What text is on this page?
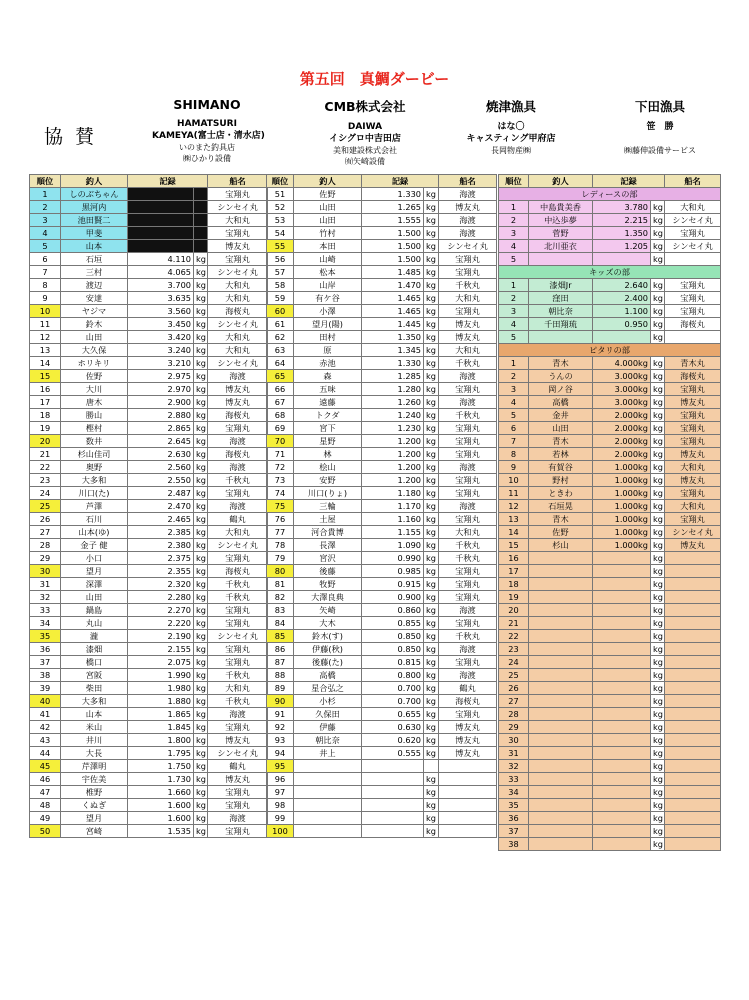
第五回　真鯛ダービー
協 賛
SHIMANO
HAMATSURI
KAMEYA(富士店・清水店)
いのまた釣具店
㈱ひかり設備
CMB株式会社
DAIWA
イシグロ中吉田店
美和建設株式会社
㈲矢崎設備
焼津漁具
はな〇
キャスティング甲府店
長岡物産㈱
下田漁具
笹　勝
㈱藤伸設備サービス
順位	釣人	記録		船名
1	しのぶちゃん			宝翔丸
2	黒河内			シンセイ丸
3	池田賢二			大和丸
4	甲斐			宝翔丸
5	山本			博友丸
6	石垣	4.110	kg	宝翔丸
7	三村	4.065	kg	シンセイ丸
8	渡辺	3.700	kg	大和丸
9	安達	3.635	kg	大和丸
10	ヤジマ	3.560	kg	海桜丸
11	鈴木	3.450	kg	シンセイ丸
12	山田	3.420	kg	大和丸
13	大久保	3.240	kg	大和丸
14	ホリキリ	3.210	kg	シンセイ丸
15	佐野	2.975	kg	海渡
16	大川	2.970	kg	博友丸
17	唐木	2.900	kg	博友丸
18	勝山	2.880	kg	海桜丸
19	樫村	2.865	kg	宝翔丸
20	数井	2.645	kg	海渡
21	杉山佳司	2.630	kg	海桜丸
22	奥野	2.560	kg	海渡
23	大多和	2.550	kg	千秋丸
24	川口(た)	2.487	kg	宝翔丸
25	芦澤	2.470	kg	海渡
26	石川	2.465	kg	鶴丸
27	山本(ゆ)	2.385	kg	大和丸
28	金子 健	2.380	kg	シンセイ丸
29	小口	2.375	kg	宝翔丸
30	望月	2.355	kg	海桜丸
31	深澤	2.320	kg	千秋丸
32	山田	2.280	kg	千秋丸
33	鍋島	2.270	kg	宝翔丸
34	丸山	2.220	kg	宝翔丸
35	瀧	2.190	kg	シンセイ丸
36	漆畑	2.155	kg	宝翔丸
37	橋口	2.075	kg	宝翔丸
38	宮阪	1.990	kg	千秋丸
39	柴田	1.980	kg	大和丸
40	大多和	1.880	kg	千秋丸
41	山本	1.865	kg	海渡
42	米山	1.845	kg	宝翔丸
43	井川	1.800	kg	博友丸
44	大長	1.795	kg	シンセイ丸
45	芹澤明	1.750	kg	鶴丸
46	宇佐美	1.730	kg	博友丸
47	椎野	1.660	kg	宝翔丸
48	くぬぎ	1.600	kg	宝翔丸
49	望月	1.600	kg	海渡
50	宮崎	1.535	kg	宝翔丸
順位	釣人	記録		船名
51	佐野	1.330	kg	海渡
52	山田	1.265	kg	博友丸
53	山田	1.555	kg	海渡
54	竹村	1.500	kg	海渡
55	本田	1.500	kg	シンセイ丸
56	山崎	1.500	kg	宝翔丸
57	松本	1.485	kg	宝翔丸
58	山岸	1.470	kg	千秋丸
59	有ケ谷	1.465	kg	大和丸
60	小澤	1.465	kg	宝翔丸
61	望月(陽)	1.445	kg	博友丸
62	田村	1.350	kg	博友丸
63	原	1.345	kg	大和丸
64	赤池	1.330	kg	千秋丸
65	森	1.285	kg	海渡
66	五味	1.280	kg	宝翔丸
67	遠藤	1.260	kg	海渡
68	トクダ	1.240	kg	千秋丸
69	宮下	1.230	kg	宝翔丸
70	星野	1.200	kg	宝翔丸
71	林	1.200	kg	宝翔丸
72	桧山	1.200	kg	海渡
73	安野	1.200	kg	宝翔丸
74	川口(りょ)	1.180	kg	宝翔丸
75	三輪	1.170	kg	海渡
76	土屋	1.160	kg	宝翔丸
77	河合貴博	1.155	kg	大和丸
78	長澤	1.090	kg	千秋丸
79	宮沢	0.990	kg	千秋丸
80	後藤	0.985	kg	宝翔丸
81	牧野	0.915	kg	宝翔丸
82	大澤良典	0.900	kg	宝翔丸
83	矢崎	0.860	kg	海渡
84	大木	0.855	kg	宝翔丸
85	鈴木(す)	0.850	kg	千秋丸
86	伊藤(秋)	0.850	kg	海渡
87	後藤(た)	0.815	kg	宝翔丸
88	高橋	0.800	kg	海渡
89	星合弘之	0.700	kg	鶴丸
90	小杉	0.700	kg	海桜丸
91	久保田	0.655	kg	宝翔丸
92	伊藤	0.630	kg	博友丸
93	朝比奈	0.620	kg	博友丸
94	井上	0.555	kg	博友丸
95				
96			kg	
97			kg	
98			kg	
99			kg	
100			kg	
順位	釣人	記録		船名
レディースの部				
1	中島貴美香	3.780	kg	大和丸
2	中込歩夢	2.215	kg	シンセイ丸
3	菅野	1.350	kg	宝翔丸
4	北川亜衣	1.205	kg	シンセイ丸
5			kg	
キッズの部				
1	漆畑Jr	2.640	kg	宝翔丸
2	窪田	2.400	kg	宝翔丸
3	朝比奈	1.100	kg	宝翔丸
4	千田翔琉	0.950	kg	海桜丸
5			kg	
ピタリの部				
1	青木	4.000kg	kg	青木丸
2	うんの	3.000kg	kg	海桜丸
3	岡ノ谷	3.000kg	kg	宝翔丸
4	高橋	3.000kg	kg	博友丸
5	金井	2.000kg	kg	宝翔丸
6	山田	2.000kg	kg	宝翔丸
7	青木	2.000kg	kg	宝翔丸
8	若林	2.000kg	kg	博友丸
9	有賀谷	1.000kg	kg	大和丸
10	野村	1.000kg	kg	博友丸
11	ときわ	1.000kg	kg	宝翔丸
12	石垣晃	1.000kg	kg	大和丸
13	青木	1.000kg	kg	宝翔丸
14	佐野	1.000kg	kg	シンセイ丸
15	杉山	1.000kg	kg	博友丸
16			kg	
17			kg	
18			kg	
19			kg	
20			kg	
21			kg	
22			kg	
23			kg	
24			kg	
25			kg	
26			kg	
27			kg	
28			kg	
29			kg	
30			kg	
31			kg	
32			kg	
33			kg	
34			kg	
35			kg	
36			kg	
37			kg	
38			kg	
